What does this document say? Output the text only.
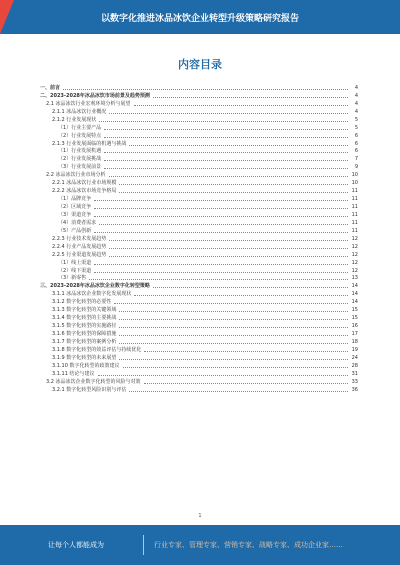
以数字化推进冰品冰饮企业转型升级策略研究报告
内容目录
一、前言	4
二、2023-2028年冰品冰饮市场前景及趋势预测	4
2.1 冰品冰饮行业宏观环境分析与展望	4
2.1.1 冰品冰饮行业概况	4
2.1.2 行业发展现状	5
（1）行业主要产品	5
（2）行业发展特点	6
2.1.3 行业发展面临的机遇与挑战	6
（1）行业发展机遇	6
（2）行业发展挑战	7
（3）行业发展前景	9
2.2 冰品冰饮行业市场分析	10
2.2.1 冰品冰饮行业市场规模	10
2.2.2 冰品冰饮市场竞争格局	11
（1）品牌竞争	11
（2）区域竞争	11
（3）渠道竞争	11
（4）消费者需求	11
（5）产品创新	11
2.2.3 行业技术发展趋势	12
2.2.4 行业产品发展趋势	12
2.2.5 行业渠道发展趋势	12
（1）线上渠道	12
（2）线下渠道	12
（3）新零售	13
三、2023-2028年冰品冰饮企业数字化转型策略	14
3.1.1 冰品冰饮企业数字化发展现状	14
3.1.2 数字化转型的必要性	14
3.1.3 数字化转型的关键领域	15
3.1.4 数字化转型的主要挑战	15
3.1.5 数字化转型的实施路径	16
3.1.6 数字化转型的保障措施	17
3.1.7 数字化转型的案例分析	18
3.1.8 数字化转型的效益评估与持续优化	19
3.1.9 数字化转型的未来展望	24
3.1.10 数字化转型的政策建议	28
3.1.11 结论与建议	31
3.2 冰品冰饮企业数字化转型的风险与对策	33
3.2.1 数字化转型风险识别与评估	36
1
让每个人都能成为	行业专家、管理专家、营销专家、战略专家、成功企业家……
